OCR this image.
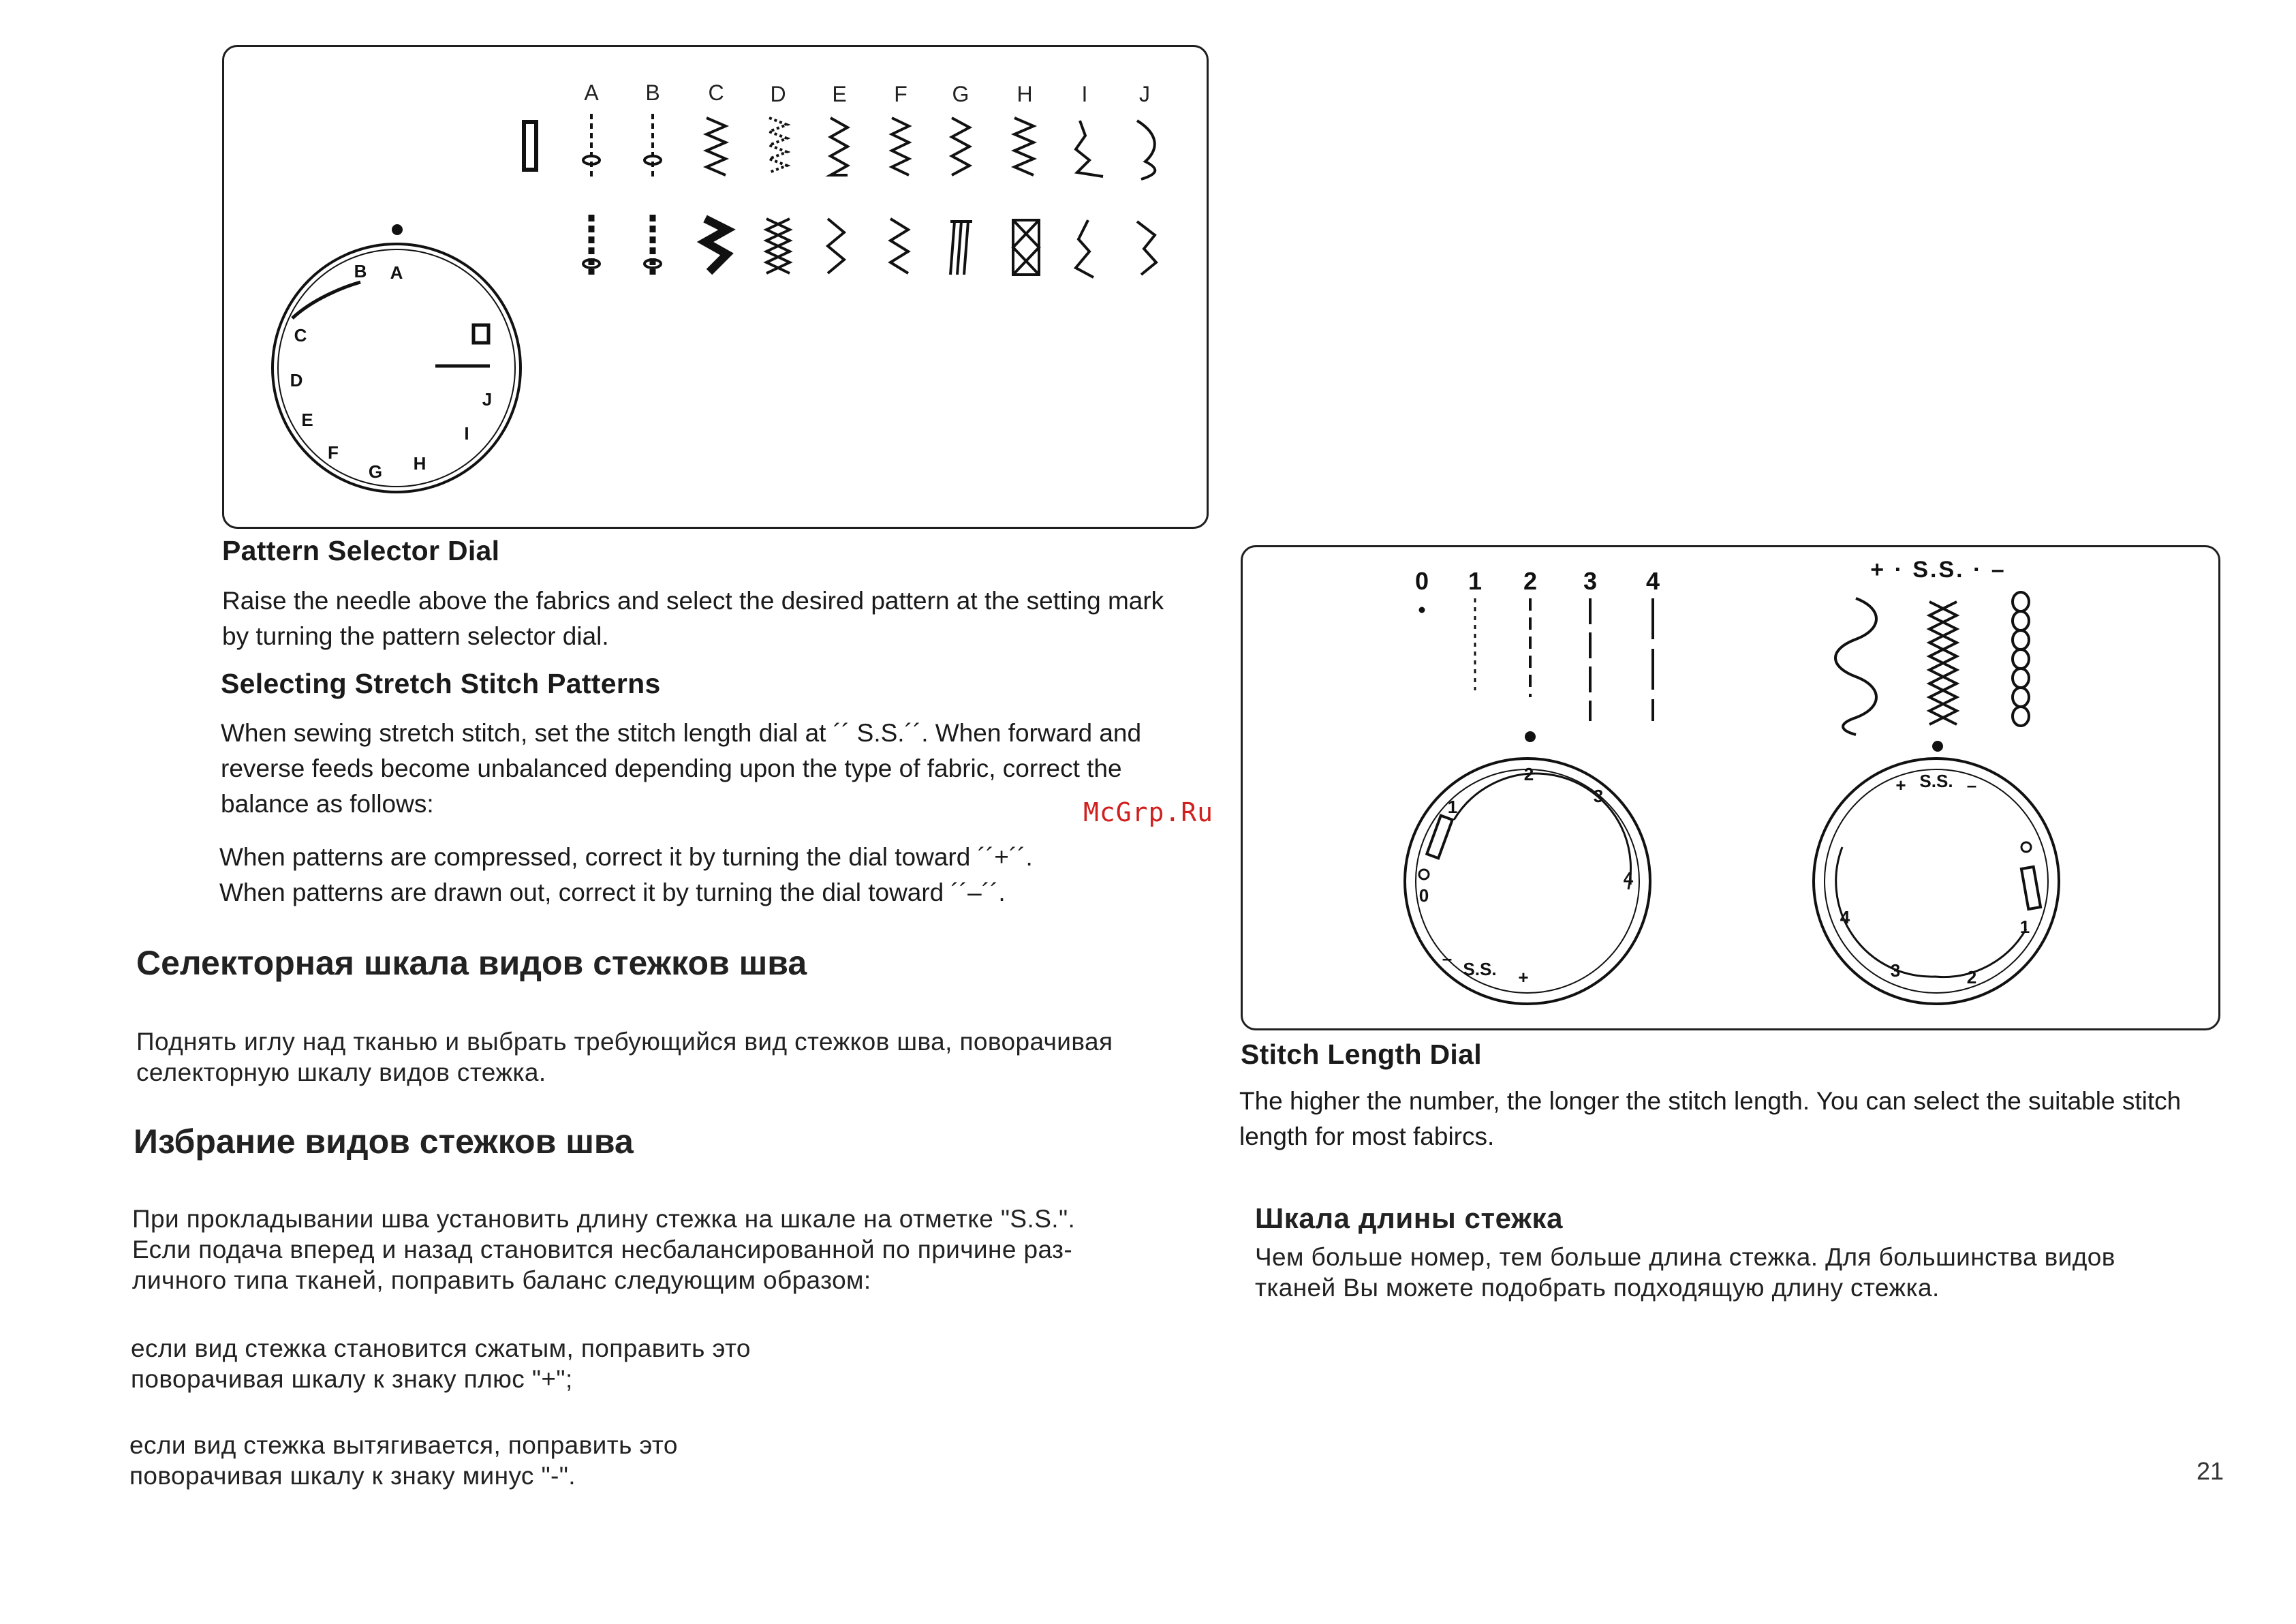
A B C D E F G H I J
A
B
C
D
E
F
G H
I
J
Pattern Selector Dial

Raise the needle above the fabrics and select the desired pattern at the setting mark

by turning the pattern selector dial.

Selecting Stretch Stitch Patterns

When sewing stretch stitch, set the stitch length dial at ´´ S.S.´´. When forward and

reverse feeds become unbalanced depending upon the type of fabric, correct the

balance as follows:

When patterns are compressed, correct it by turning the dial toward ´´+´´.

When patterns are drawn out, correct it by turning the dial toward ´´–´´.

McGrp.Ru
0 1 2 3 4	+ · S.S. · –
1
2
3
4
0
S.S. +
–
S.S.
+	–
1
2
3
4
Stitch Length Dial

The higher the number, the longer the stitch length. You can select the suitable stitch

length for most fabircs.

Селекторная шкала видов стежков шва

Поднять иглу над тканью и выбрать требующийся вид стежков шва, поворачивая

селекторную шкалу видов стежка.

Избрание видов стежков шва

При прокладывании шва установить длину стежка на шкале на отметке "S.S.".

Если подача вперед и назад становится несбалансированной по причине раз-

личного типа тканей, поправить баланс следующим образом:

если вид стежка становится сжатым, поправить это

поворачивая шкалу к знаку плюс "+";

если вид стежка вытягивается, поправить это

поворачивая шкалу к знаку минус "-".

Шкала длины стежка

Чем больше номер, тем больше длина стежка. Для большинства видов

тканей Вы можете подобрать подходящую длину стежка.

21
